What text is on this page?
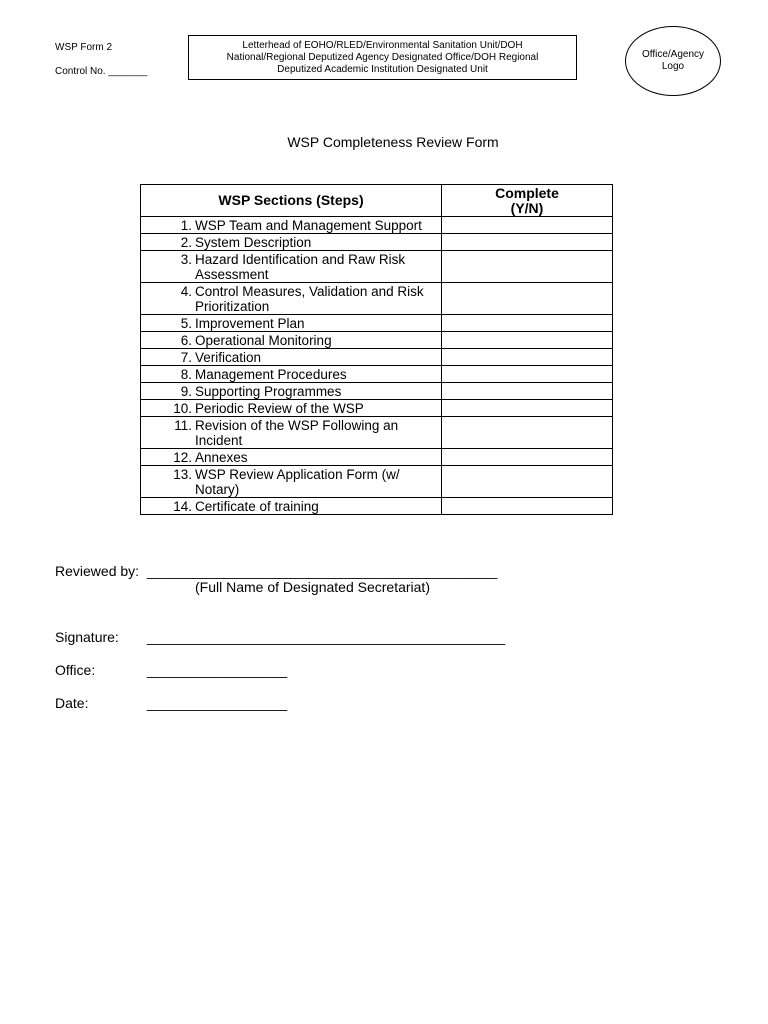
WSP Form 2
Control No. _______
Letterhead of EOHO/RLED/Environmental Sanitation Unit/DOH
National/Regional Deputized Agency Designated Office/DOH Regional
Deputized Academic Institution Designated Unit
Office/Agency
Logo
WSP Completeness Review Form
WSP Sections (Steps)	Complete
(Y/N)

1. WSP Team and Management Support	

2. System Description	

3. Hazard Identification and Raw Risk Assessment	

4. Control Measures, Validation and Risk Prioritization	

5. Improvement Plan	

6. Operational Monitoring	

7. Verification	

8. Management Procedures	

9. Supporting Programmes	

10. Periodic Review of the WSP	

11. Revision of the WSP Following an Incident	

12. Annexes	

13. WSP Review Application Form (w/ Notary)	

14. Certificate of training	

Reviewed by: _____________________________________________
(Full Name of Designated Secretariat)
Signature: ______________________________________________
Office:	__________________
Date:	__________________
